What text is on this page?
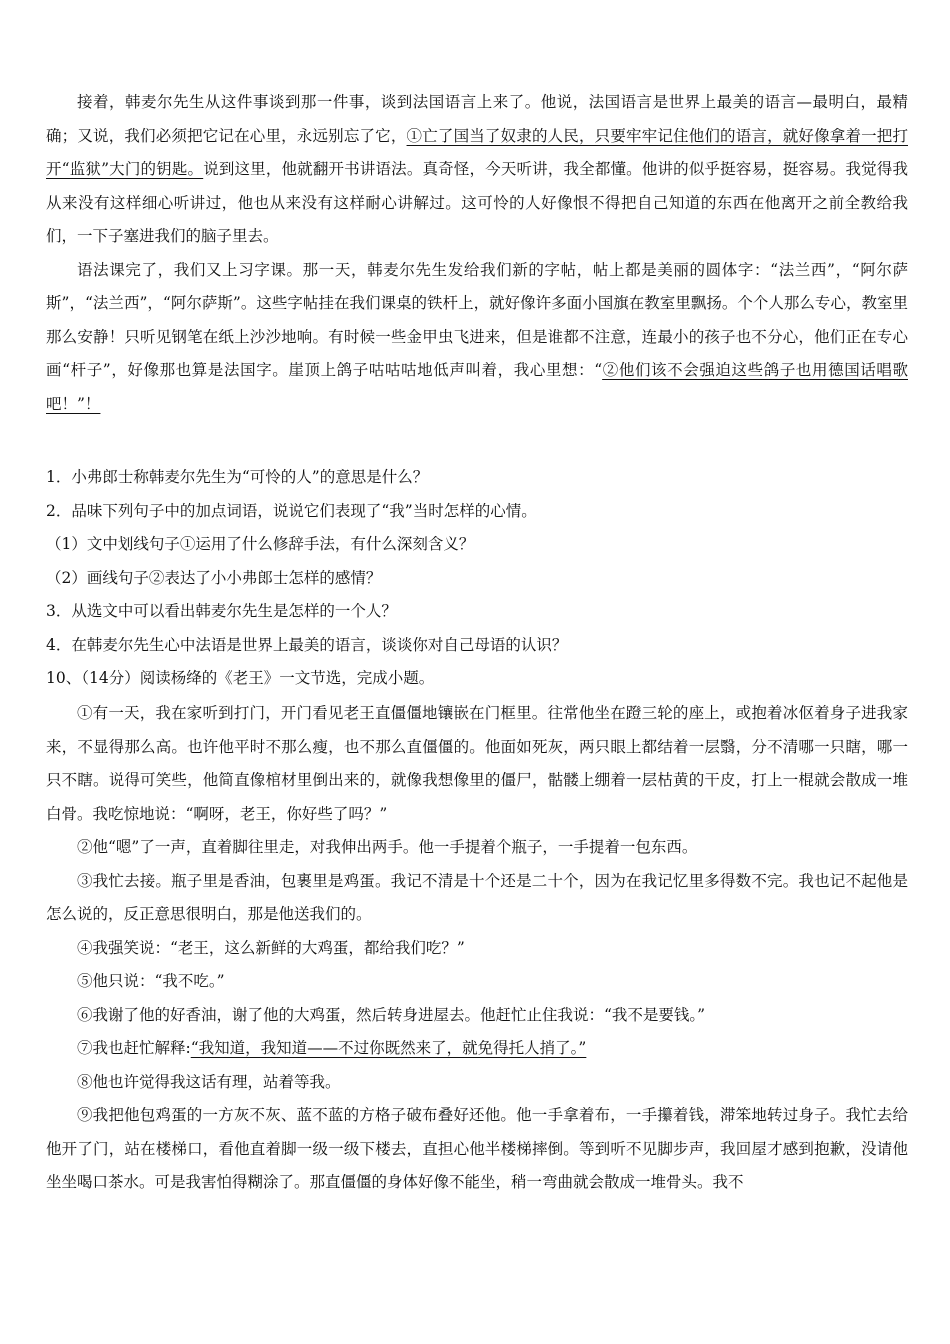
接着，韩麦尔先生从这件事谈到那一件事，谈到法国语言上来了。他说，法国语言是世界上最美的语言—最明白，最精确；又说，我们必须把它记在心里，永远别忘了它，①亡了国当了奴隶的人民，只要牢牢记住他们的语言，就好像拿着一把打开“监狱”大门的钥匙。说到这里，他就翻开书讲语法。真奇怪，今天听讲，我全都懂。他讲的似乎挺容易，挺容易。我觉得我从来没有这样细心听讲过，他也从来没有这样耐心讲解过。这可怜的人好像恨不得把自己知道的东西在他离开之前全教给我们，一下子塞进我们的脑子里去。

语法课完了，我们又上习字课。那一天，韩麦尔先生发给我们新的字帖，帖上都是美丽的圆体字：“法兰西”，“阿尔萨斯”，“法兰西”，“阿尔萨斯”。这些字帖挂在我们课桌的铁杆上，就好像许多面小国旗在教室里飘扬。个个人那么专心，教室里那么安静！只听见钢笔在纸上沙沙地响。有时候一些金甲虫飞进来，但是谁都不注意，连最小的孩子也不分心，他们正在专心画“杆子”，好像那也算是法国字。崖顶上鸽子咕咕咕地低声叫着，我心里想：“②他们该不会强迫这些鸽子也用德国话唱歌吧！”！

1．小弗郎士称韩麦尔先生为“可怜的人”的意思是什么？

2．品味下列句子中的加点词语，说说它们表现了“我”当时怎样的心情。

（1）文中划线句子①运用了什么修辞手法，有什么深刻含义？

（2）画线句子②表达了小小弗郎士怎样的感情？

3．从选文中可以看出韩麦尔先生是怎样的一个人？

4．在韩麦尔先生心中法语是世界上最美的语言，谈谈你对自己母语的认识？

10、（14分）阅读杨绛的《老王》一文节选，完成小题。

①有一天，我在家听到打门，开门看见老王直僵僵地镶嵌在门框里。往常他坐在蹬三轮的座上，或抱着冰伛着身子进我家来，不显得那么高。也许他平时不那么瘦，也不那么直僵僵的。他面如死灰，两只眼上都结着一层翳，分不清哪一只瞎，哪一只不瞎。说得可笑些，他简直像棺材里倒出来的，就像我想像里的僵尸，骷髅上绷着一层枯黄的干皮，打上一棍就会散成一堆白骨。我吃惊地说：“啊呀，老王，你好些了吗？”

②他“嗯”了一声，直着脚往里走，对我伸出两手。他一手提着个瓶子，一手提着一包东西。

③我忙去接。瓶子里是香油，包裹里是鸡蛋。我记不清是十个还是二十个，因为在我记忆里多得数不完。我也记不起他是怎么说的，反正意思很明白，那是他送我们的。

④我强笑说：“老王，这么新鲜的大鸡蛋，都给我们吃？”

⑤他只说：“我不吃。”

⑥我谢了他的好香油，谢了他的大鸡蛋，然后转身进屋去。他赶忙止住我说：“我不是要钱。”

⑦我也赶忙解释:“我知道，我知道——不过你既然来了，就免得托人捎了。”

⑧他也许觉得我这话有理，站着等我。

⑨我把他包鸡蛋的一方灰不灰、蓝不蓝的方格子破布叠好还他。他一手拿着布，一手攥着钱，滞笨地转过身子。我忙去给他开了门，站在楼梯口，看他直着脚一级一级下楼去，直担心他半楼梯摔倒。等到听不见脚步声，我回屋才感到抱歉，没请他坐坐喝口茶水。可是我害怕得糊涂了。那直僵僵的身体好像不能坐，稍一弯曲就会散成一堆骨头。我不
